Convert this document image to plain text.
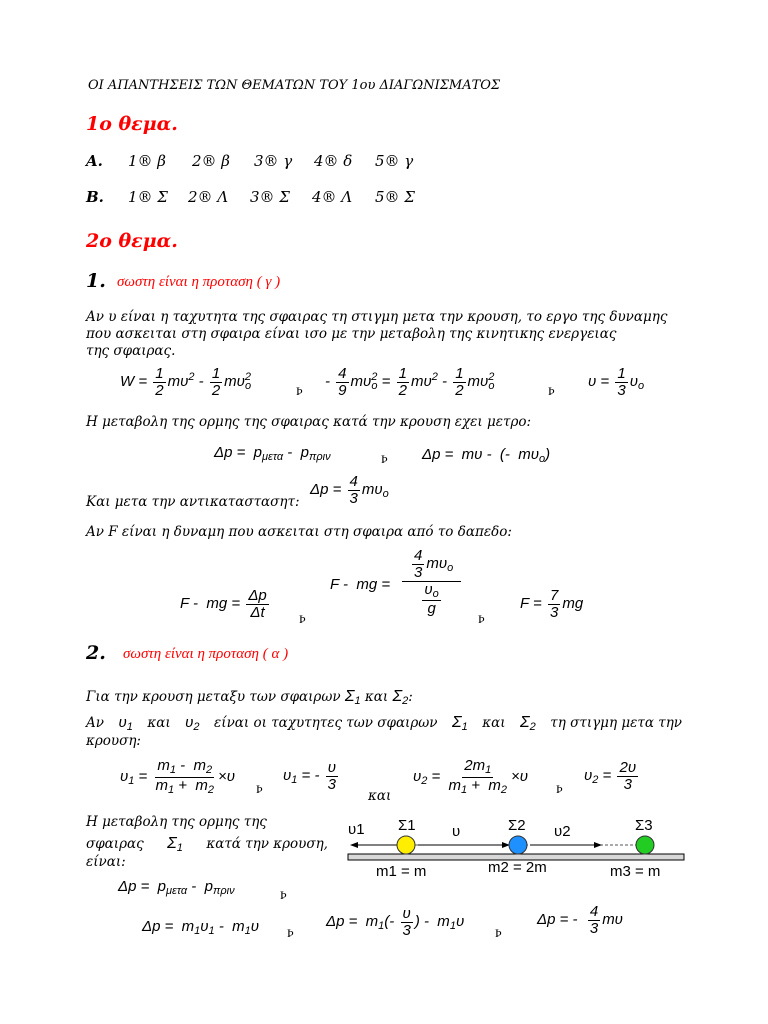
ΟΙ ΑΠΑΝΤΗΣΕΙΣ ΤΩΝ ΘΕΜΑΤΩΝ ΤΟΥ 1ου ΔΙΑΓΩΝΙΣΜΑΤΟΣ
1ο θεμα.
A. 1® β 2® β 3® γ 4® δ 5® γ
B. 1® Σ 2® Λ 3® Σ 4® Λ 5® Σ
2ο θεμα.
1. σωστη είναι η προταση ( γ )
Αν υ είναι η ταχυτητα της σφαιρας τη στιγμη μετα την κρουση, το εργο της δυναμης
που ασκειται στη σφαιρα είναι ισο με την μεταβολη της κινητικης ενεργειας
της σφαιρας.
$W = \frac{1}{2} m\upsilon^2 - \frac{1}{2} m\upsilon^2_o$	Þ
- $\frac{4}{9} m\upsilon^2_o = \frac{1}{2} m\upsilon^2 - \frac{1}{2} m\upsilon^2_o$	Þ
$\upsilon = \frac{1}{3} \upsilon_o$
Η μεταβολη της ορμης της σφαιρας κατά την κρουση εχει μετρο:
$\Delta p = p_{\mu\varepsilon\tau\alpha} - p_{\pi\rho\iota\nu}$	Þ Δp =  mυ -  (-  $m\upsilon_o$)
Και μετα την αντικαταστασητ:
$\Delta p = \frac{4}{3} m\upsilon_o$
Αν F είναι η δυναμη που ασκειται στη σφαιρα από το δαπεδο:
F -  mg = $\frac{\Delta p}{\Delta t}$	Þ
F -  mg = $\frac{\frac{4}{3} m\upsilon_o}{\frac{\upsilon_o}{g}}$
Þ
$F = \frac{7}{3}$ mg
2. σωστη είναι η προταση ( α )
Για την κρουση μεταξυ των σφαιρων $\Sigma_1$ και $\Sigma_2$:
Αν $\upsilon_1$ και $\upsilon_2$ είναι οι ταχυτητες των σφαιρων $\Sigma_1$ και $\Sigma_2$ τη στιγμη μετα την
κρουση:
$\upsilon_1 = \frac{m_1 - m_2}{m_1 + m_2} \times\upsilon$
Þ
$\upsilon_1$ = - $\frac{\upsilon}{3}$
και
$\upsilon_2 = \frac{2m_1}{m_1 + m_2} \times\upsilon$
Þ
$\upsilon_2 = \frac{2\upsilon}{3}$
Η μεταβολη της ορμης της
σφαιρας $\Sigma_1$ κατά την κρουση,
είναι:
υ1 Σ1 υ	Σ2 υ2	Σ3
m1 = m	m2 = 2m	m3 = m
$\Delta p = p_{\mu\varepsilon\tau\alpha} - p_{\pi\rho\iota\nu}$	Þ
$\Delta p = m_1\upsilon_1 - m_1\upsilon$ Þ
$\Delta p = m_1(- \frac{\upsilon}{3}$ ) -  $m_1\upsilon$
Þ
Δp = - $\frac{4}{3}$ mυ
